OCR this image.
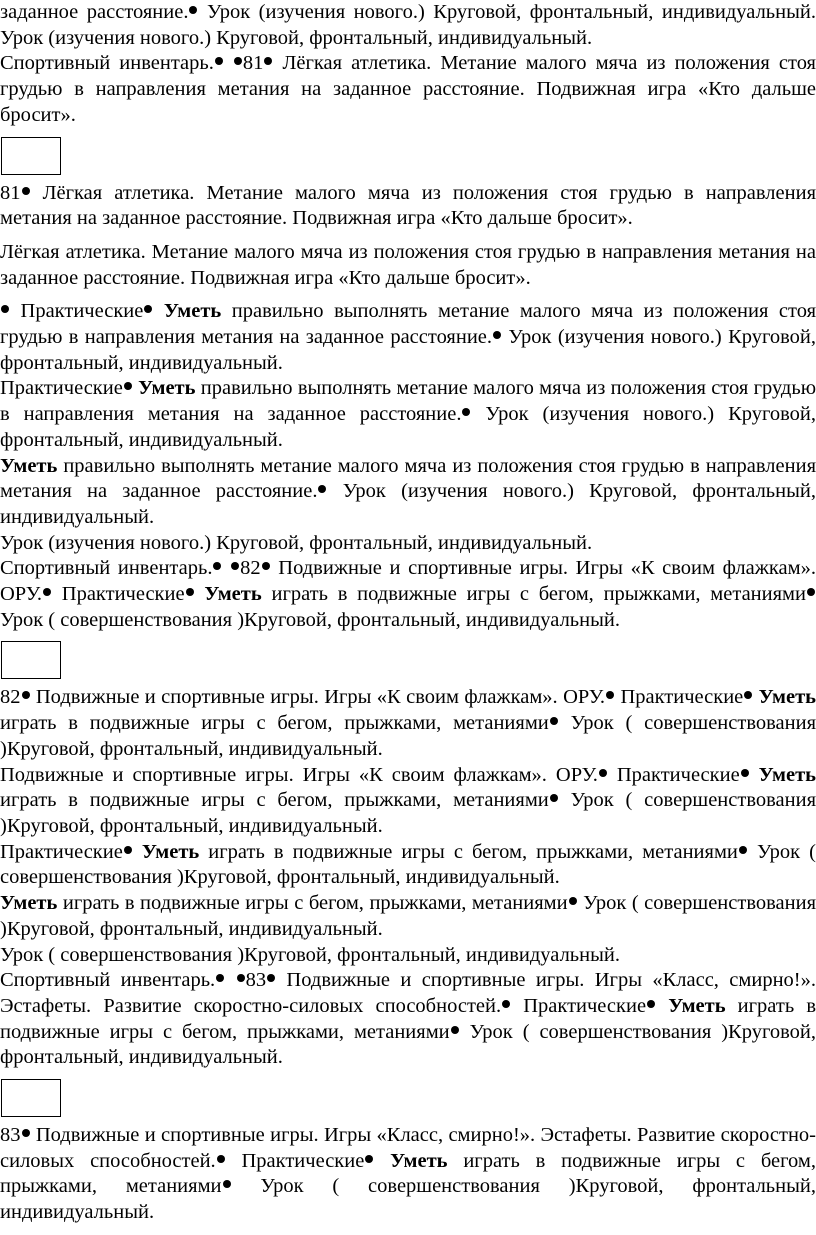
заданное расстояние. Урок (изучения нового.) Круговой, фронтальный, индивидуальный.

Урок (изучения нового.) Круговой, фронтальный, индивидуальный.

Спортивный инвентарь. 81 Лёгкая атлетика. Метание малого мяча из положения стоя грудью в направления метания на заданное расстояние. Подвижная игра «Кто дальше бросит».

81 Лёгкая атлетика. Метание малого мяча из положения стоя грудью в направления метания на заданное расстояние. Подвижная игра «Кто дальше бросит».

Лёгкая атлетика. Метание малого мяча из положения стоя грудью в направления метания на заданное расстояние. Подвижная игра «Кто дальше бросит».

Практические Уметь правильно выполнять метание малого мяча из положения стоя грудью в направления метания на заданное расстояние. Урок (изучения нового.) Круговой, фронтальный, индивидуальный.

Практические Уметь правильно выполнять метание малого мяча из положения стоя грудью в направления метания на заданное расстояние. Урок (изучения нового.) Круговой, фронтальный, индивидуальный.

Уметь правильно выполнять метание малого мяча из положения стоя грудью в направления метания на заданное расстояние. Урок (изучения нового.) Круговой, фронтальный, индивидуальный.

Урок (изучения нового.) Круговой, фронтальный, индивидуальный.

Спортивный инвентарь. 82 Подвижные и спортивные игры. Игры «К своим флажкам». ОРУ. Практические Уметь играть в подвижные игры с бегом, прыжками, метаниями Урок ( совершенствования )Круговой, фронтальный, индивидуальный.

82 Подвижные и спортивные игры. Игры «К своим флажкам». ОРУ. Практические Уметь играть в подвижные игры с бегом, прыжками, метаниями Урок ( совершенствования )Круговой, фронтальный, индивидуальный.

Подвижные и спортивные игры. Игры «К своим флажкам». ОРУ. Практические Уметь играть в подвижные игры с бегом, прыжками, метаниями Урок ( совершенствования )Круговой, фронтальный, индивидуальный.

Практические Уметь играть в подвижные игры с бегом, прыжками, метаниями Урок ( совершенствования )Круговой, фронтальный, индивидуальный.

Уметь играть в подвижные игры с бегом, прыжками, метаниями Урок ( совершенствования )Круговой, фронтальный, индивидуальный.

Урок ( совершенствования )Круговой, фронтальный, индивидуальный.

Спортивный инвентарь. 83 Подвижные и спортивные игры. Игры «Класс, смирно!». Эстафеты. Развитие скоростно-силовых способностей. Практические Уметь играть в подвижные игры с бегом, прыжками, метаниями Урок ( совершенствования )Круговой, фронтальный, индивидуальный.

83 Подвижные и спортивные игры. Игры «Класс, смирно!». Эстафеты. Развитие скоростно-силовых способностей. Практические Уметь играть в подвижные игры с бегом, прыжками, метаниями Урок ( совершенствования )Круговой, фронтальный, индивидуальный.
